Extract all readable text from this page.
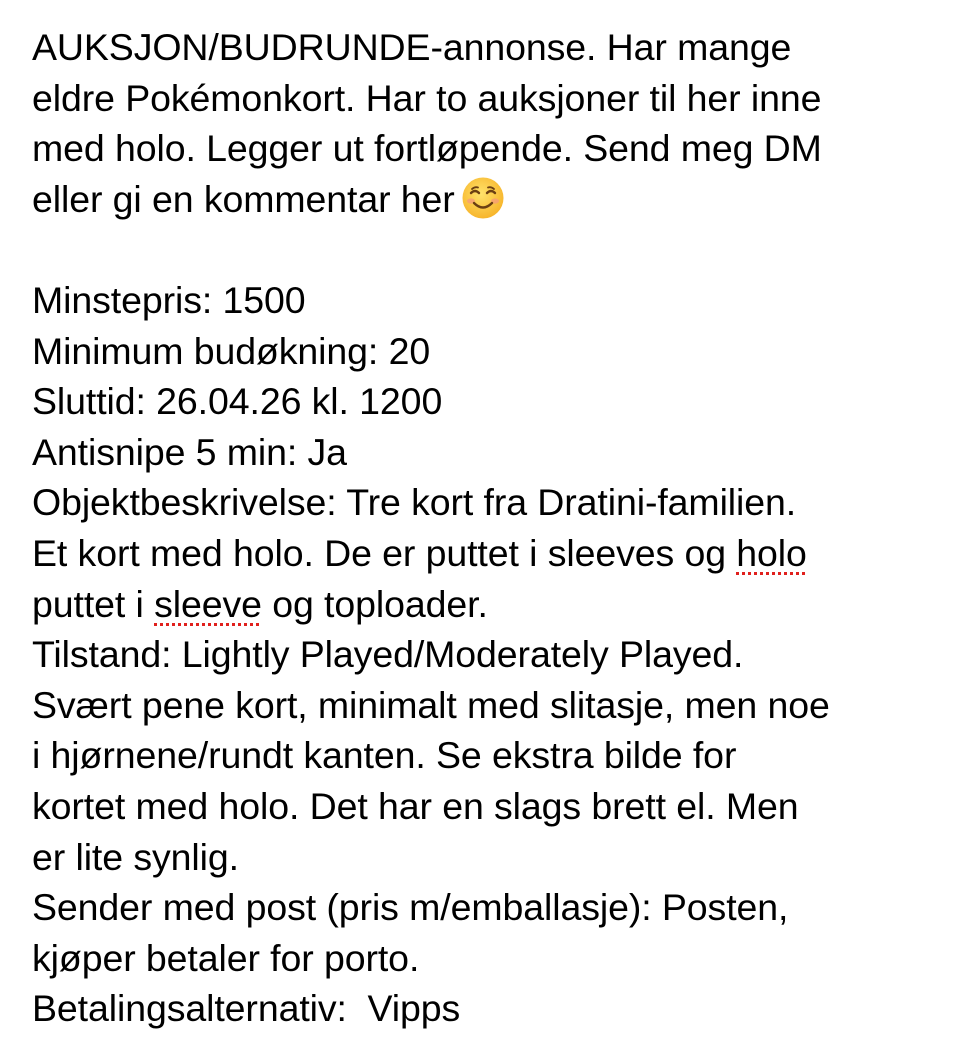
AUKSJON/BUDRUNDE-annonse. Har mange
eldre Pokémonkort. Har to auksjoner til her inne
med holo. Legger ut fortløpende. Send meg DM
eller gi en kommentar her
Minstepris: 1500
Minimum budøkning: 20
Sluttid: 26.04.26 kl. 1200
Antisnipe 5 min: Ja
Objektbeskrivelse: Tre kort fra Dratini-familien.
Et kort med holo. De er puttet i sleeves og holo
puttet i sleeve og toploader.
Tilstand: Lightly Played/Moderately Played.
Svært pene kort, minimalt med slitasje, men noe
i hjørnene/rundt kanten. Se ekstra bilde for
kortet med holo. Det har en slags brett el. Men
er lite synlig.
Sender med post (pris m/emballasje): Posten,
kjøper betaler for porto.
Betalingsalternativ:  Vipps
